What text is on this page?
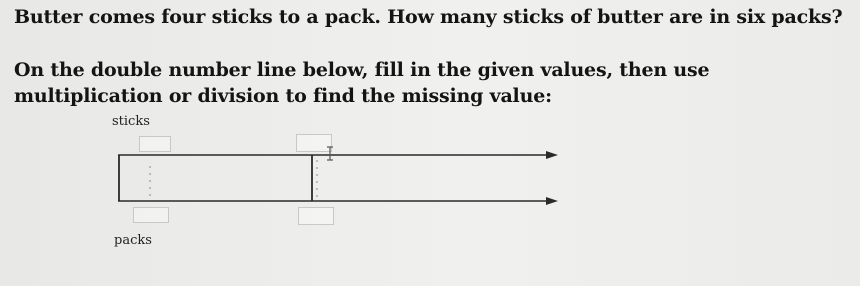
Butter comes four sticks to a pack. How many sticks of butter are in six packs?
On the double number line below, fill in the given values, then use multiplication or division to find the missing value:
sticks
packs
